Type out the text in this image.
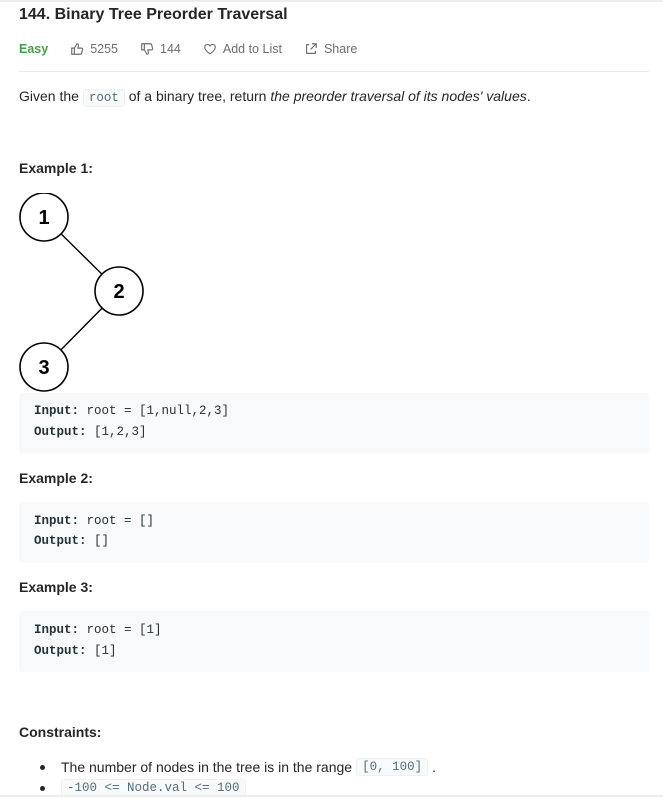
144. Binary Tree Preorder Traversal
Easy	5255	144	Add to List	Share
Given the root of a binary tree, return the preorder traversal of its nodes' values.
Example 1:
1
2
3
Input: root = [1,null,2,3]
Output: [1,2,3]
Example 2:
Input: root = []
Output: []
Example 3:
Input: root = [1]
Output: [1]
Constraints:
The number of nodes in the tree is in the range [0, 100] .
-100 <= Node.val <= 100
